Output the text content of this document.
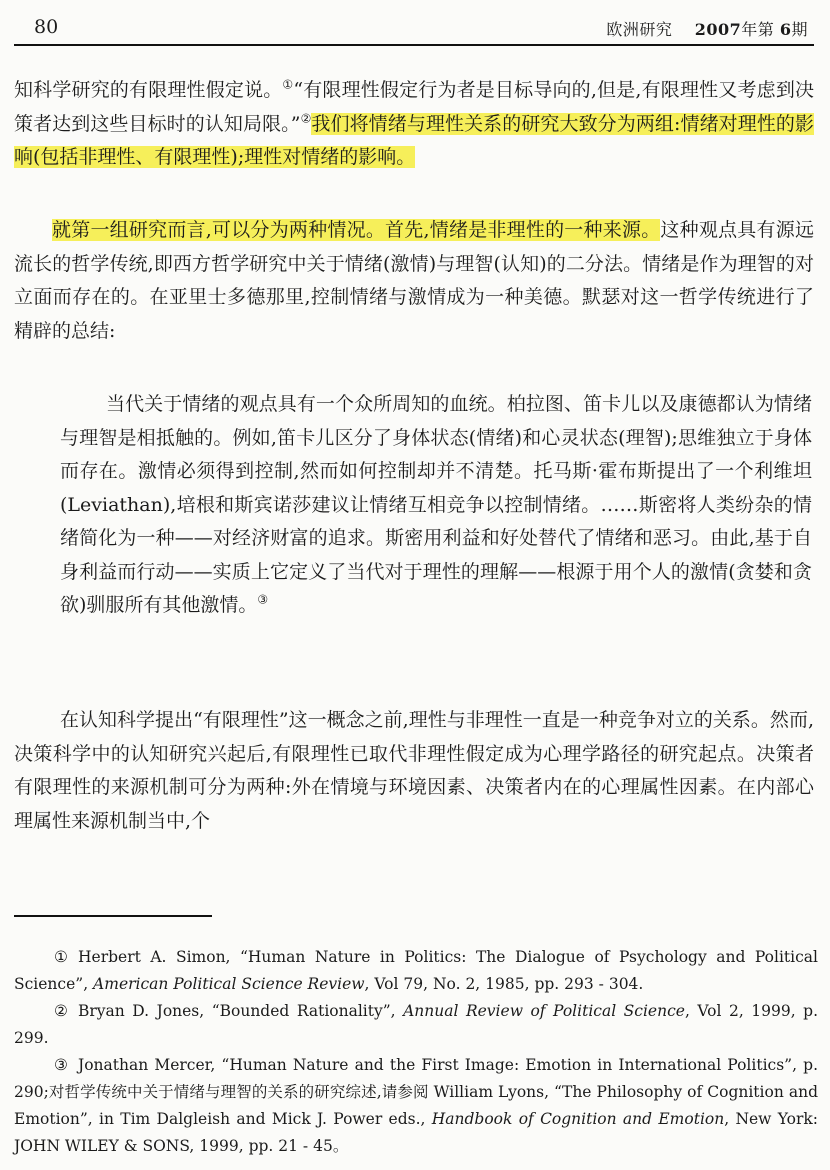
80	欧洲研究 2007年第 6期
知科学研究的有限理性假定说。①“有限理性假定行为者是目标导向的,但是,有限理性又考虑到决策者达到这些目标时的认知局限。”②我们将情绪与理性关系的研究大致分为两组:情绪对理性的影响(包括非理性、有限理性);理性对情绪的影响。
就第一组研究而言,可以分为两种情况。首先,情绪是非理性的一种来源。这种观点具有源远流长的哲学传统,即西方哲学研究中关于情绪(激情)与理智(认知)的二分法。情绪是作为理智的对立面而存在的。在亚里士多德那里,控制情绪与激情成为一种美德。默瑟对这一哲学传统进行了精辟的总结:
当代关于情绪的观点具有一个众所周知的血统。柏拉图、笛卡儿以及康德都认为情绪与理智是相抵触的。例如,笛卡儿区分了身体状态(情绪)和心灵状态(理智);思维独立于身体而存在。激情必须得到控制,然而如何控制却并不清楚。托马斯·霍布斯提出了一个利维坦(Leviathan),培根和斯宾诺莎建议让情绪互相竞争以控制情绪。……斯密将人类纷杂的情绪简化为一种——对经济财富的追求。斯密用利益和好处替代了情绪和恶习。由此,基于自身利益而行动——实质上它定义了当代对于理性的理解——根源于用个人的激情(贪婪和贪欲)驯服所有其他激情。③
在认知科学提出“有限理性”这一概念之前,理性与非理性一直是一种竞争对立的关系。然而,决策科学中的认知研究兴起后,有限理性已取代非理性假定成为心理学路径的研究起点。决策者有限理性的来源机制可分为两种:外在情境与环境因素、决策者内在的心理属性因素。在内部心理属性来源机制当中,个

① Herbert A. Simon, “Human Nature in Politics: The Dialogue of Psychology and Political Science”, American Political Science Review, Vol 79, No. 2, 1985, pp. 293 - 304.

② Bryan D. Jones, “Bounded Rationality”, Annual Review of Political Science, Vol 2, 1999, p. 299.

③ Jonathan Mercer, “Human Nature and the First Image: Emotion in International Politics”, p. 290;对哲学传统中关于情绪与理智的关系的研究综述,请参阅 William Lyons, “The Philosophy of Cognition and Emotion”, in Tim Dalgleish and Mick J. Power eds., Handbook of Cognition and Emotion, New York: JOHN WILEY & SONS, 1999, pp. 21 - 45。
